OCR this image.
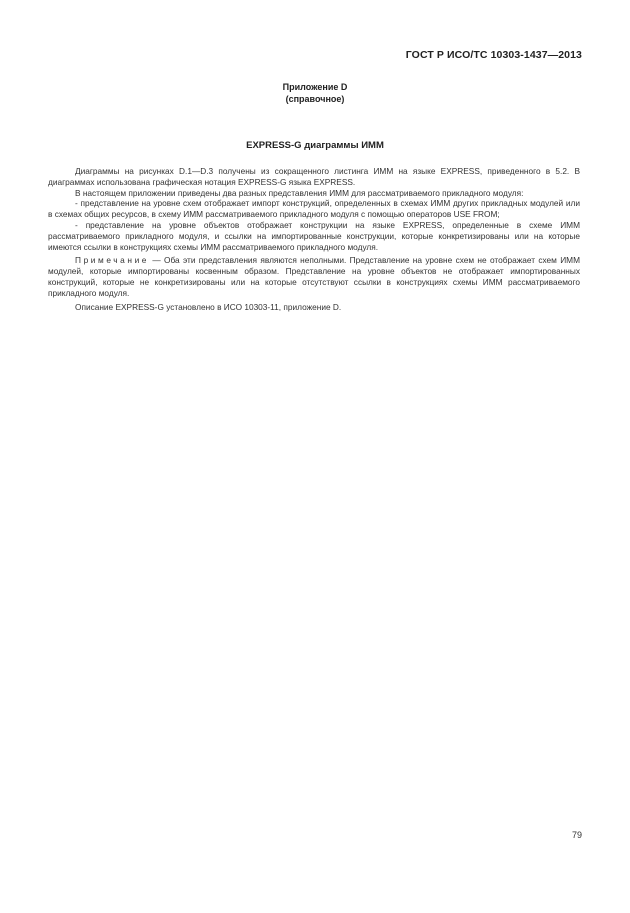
ГОСТ Р ИСО/ТС 10303-1437—2013
Приложение D
(справочное)
EXPRESS-G диаграммы ИММ

Диаграммы на рисунках D.1—D.3 получены из сокращенного листинга ИММ на языке EXPRESS, приведенного в 5.2. В диаграммах использована графическая нотация EXPRESS-G языка EXPRESS.

В настоящем приложении приведены два разных представления ИММ для рассматриваемого прикладного модуля:

- представление на уровне схем отображает импорт конструкций, определенных в схемах ИММ других прикладных модулей или в схемах общих ресурсов, в схему ИММ рассматриваемого прикладного модуля с помощью операторов USE FROM;

- представление на уровне объектов отображает конструкции на языке EXPRESS, определенные в схеме ИММ рассматриваемого прикладного модуля, и ссылки на импортированные конструкции, которые конкретизированы или на которые имеются ссылки в конструкциях схемы ИММ рассматриваемого прикладного модуля.

Примечание — Оба эти представления являются неполными. Представление на уровне схем не отображает схем ИММ модулей, которые импортированы косвенным образом. Представление на уровне объектов не отображает импортированных конструкций, которые не конкретизированы или на которые отсутствуют ссылки в конструкциях схемы ИММ рассматриваемого прикладного модуля.

Описание EXPRESS-G установлено в ИСО 10303-11, приложение D.

79
